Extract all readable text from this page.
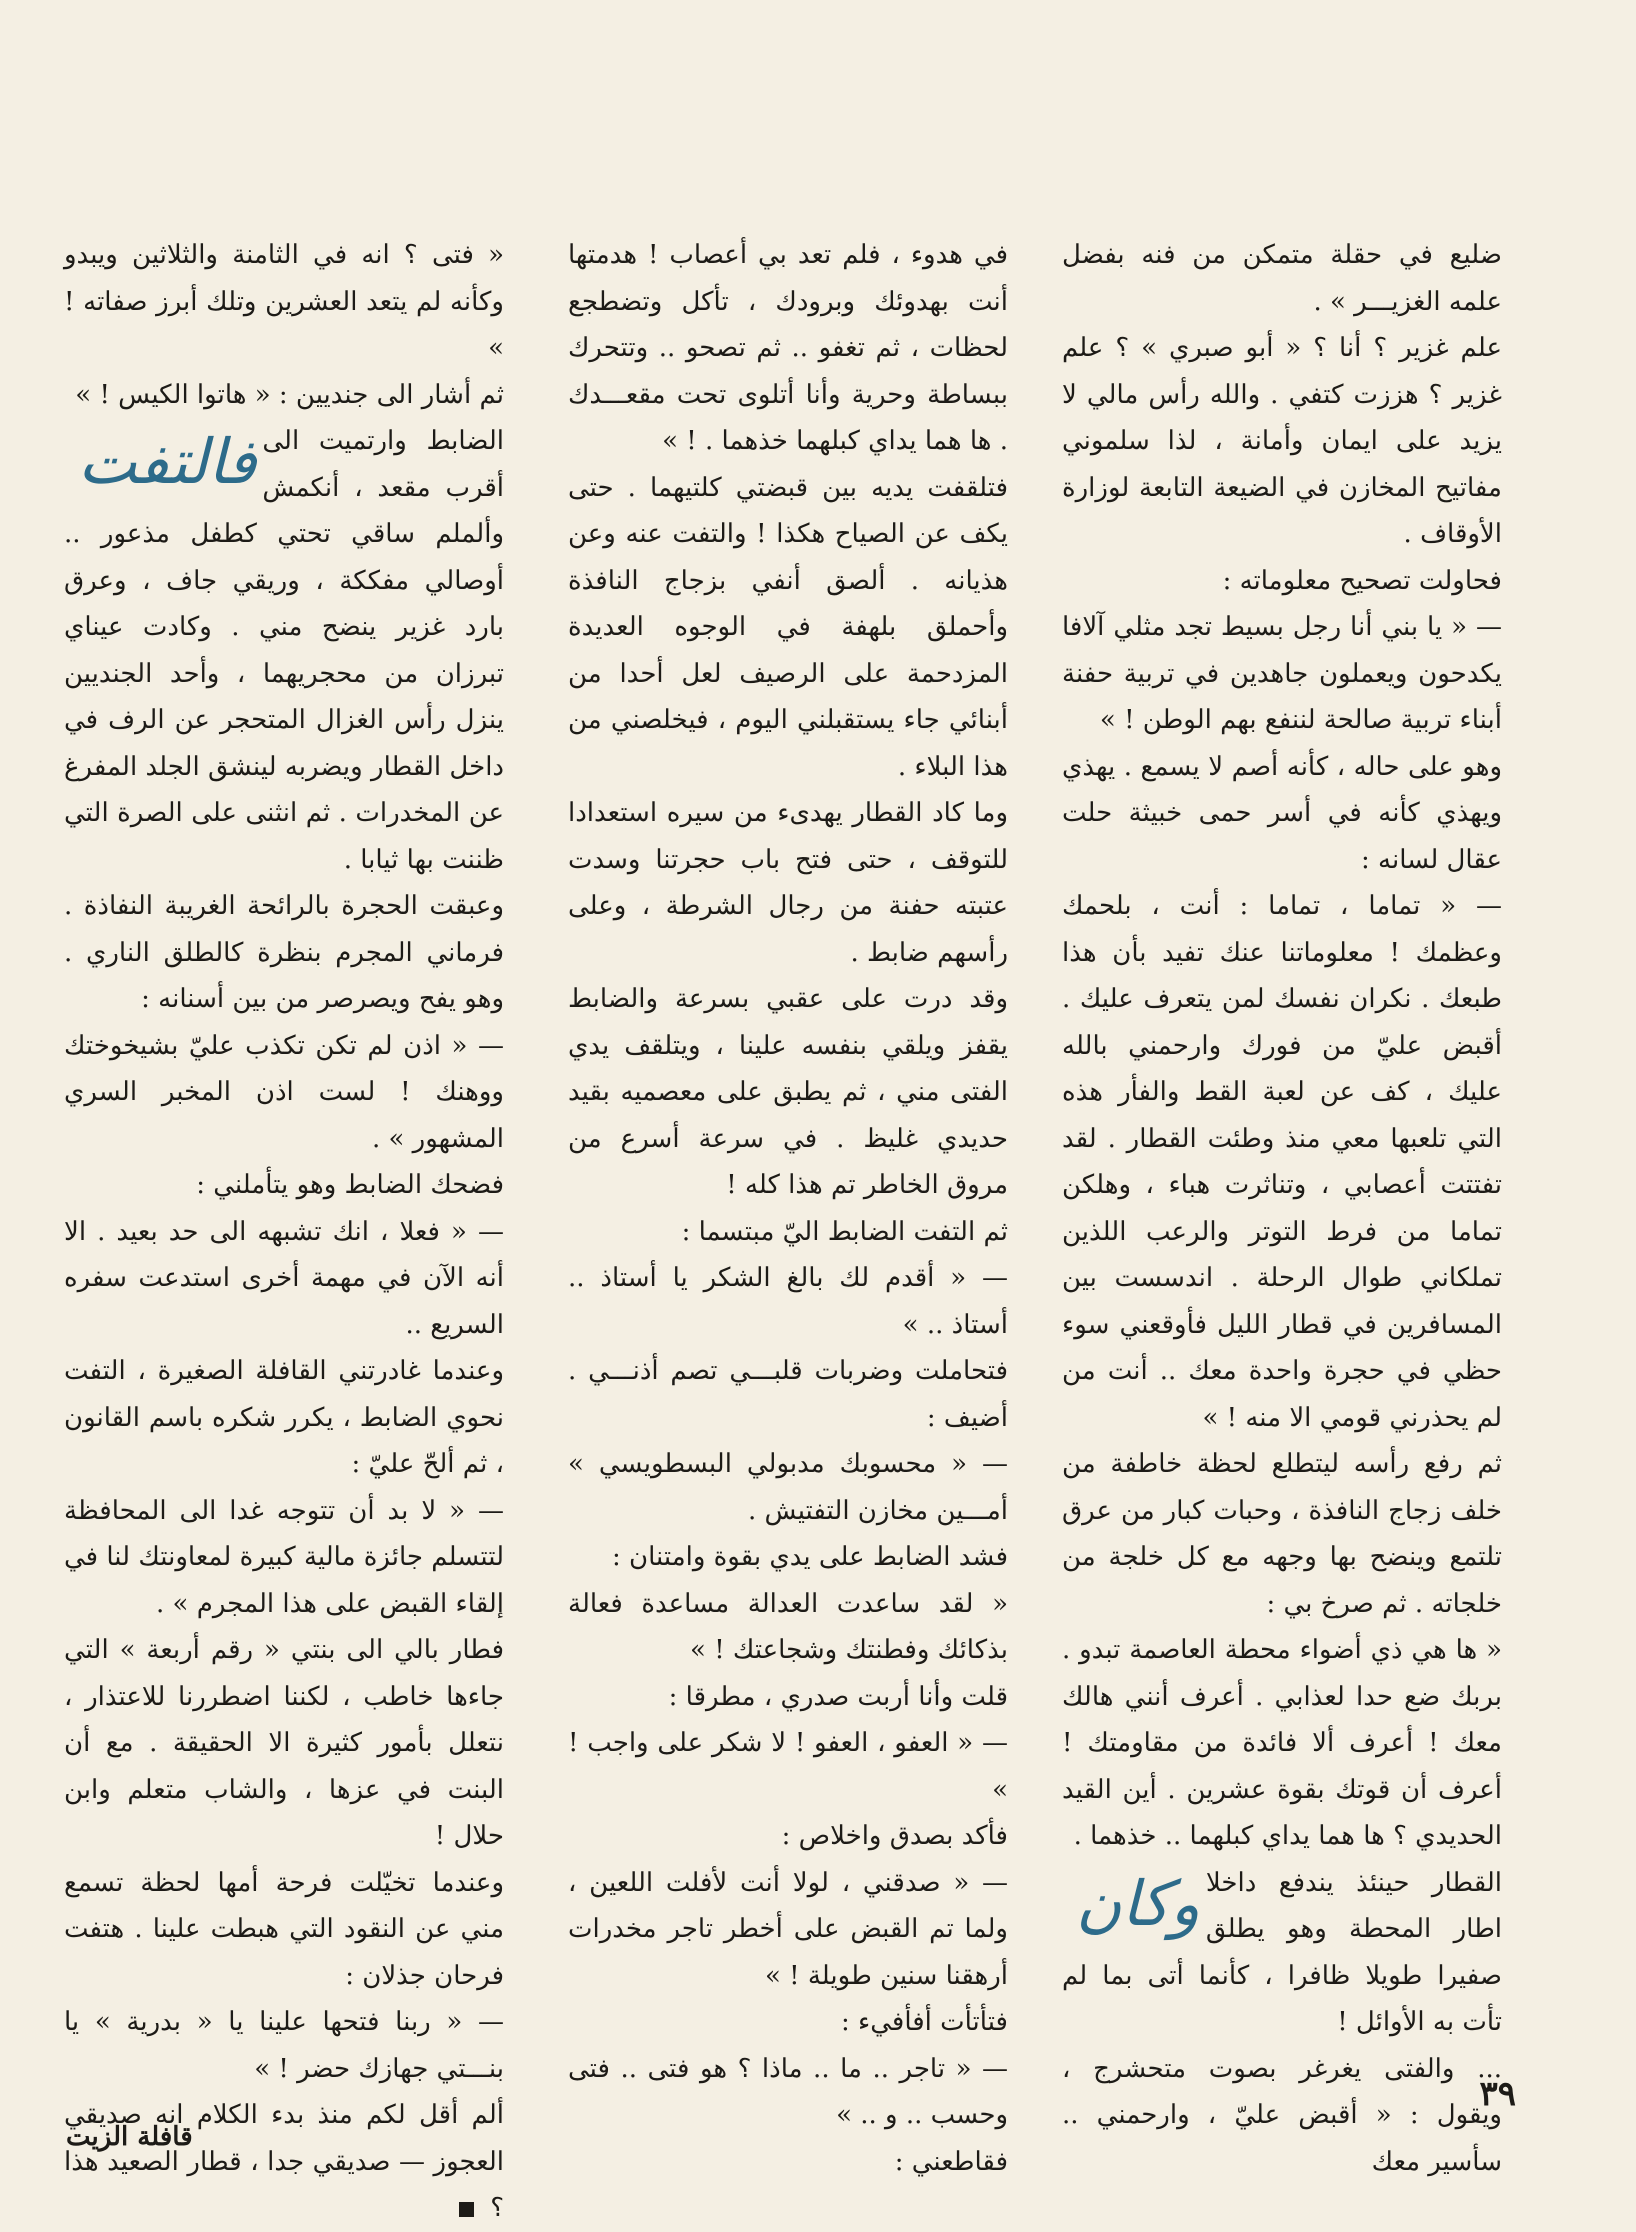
ضليع في حقلة متمكن من فنه بفضل علمه الغزيـــر » .

علم غزير ؟ أنا ؟ « أبو صبري » ؟ علم غزير ؟ هززت كتفي . والله رأس مالي لا يزيد على ايمان وأمانة ، لذا سلموني مفاتيح المخازن في الضيعة التابعة لوزارة الأوقاف .

فحاولت تصحيح معلوماته :

— « يا بني أنا رجل بسيط تجد مثلي آلافا يكدحون ويعملون جاهدين في تربية حفنة أبناء تربية صالحة لننفع بهم الوطن ! »

وهو على حاله ، كأنه أصم لا يسمع . يهذي ويهذي كأنه في أسر حمى خبيثة حلت عقال لسانه :

— « تماما ، تماما : أنت ، بلحمك وعظمك ! معلوماتنا عنك تفيد بأن هذا طبعك . نكران نفسك لمن يتعرف عليك . أقبض عليّ من فورك وارحمني بالله عليك ، كف عن لعبة القط والفأر هذه التي تلعبها معي منذ وطئت القطار . لقد تفتتت أعصابي ، وتناثرت هباء ، وهلكن تماما من فرط التوتر والرعب اللذين تملكاني طوال الرحلة . اندسست بين المسافرين في قطار الليل فأوقعني سوء حظي في حجرة واحدة معك .. أنت من لم يحذرني قومي الا منه ! »

ثم رفع رأسه ليتطلع لحظة خاطفة من خلف زجاج النافذة ، وحبات كبار من عرق تلتمع وينضح بها وجهه مع كل خلجة من خلجاته . ثم صرخ بي :

« ها هي ذي أضواء محطة العاصمة تبدو . بربك ضع حدا لعذابي . أعرف أنني هالك معك ! أعرف ألا فائدة من مقاومتك ! أعرف أن قوتك بقوة عشرين . أين القيد الحديدي ؟ ها هما يداي كبلهما .. خذهما .

وكان القطار حينئذ يندفع داخلا اطار المحطة وهو يطلق صفيرا طويلا ظافرا ، كأنما أتى بما لم تأت به الأوائل !

... والفتى يغرغر بصوت متحشرج ، ويقول : « أقبض عليّ ، وارحمني .. سأسير معك

في هدوء ، فلم تعد بي أعصاب ! هدمتها أنت بهدوئك وبرودك ، تأكل وتضطجع لحظات ، ثم تغفو .. ثم تصحو .. وتتحرك ببساطة وحرية وأنا أتلوى تحت مقعـــدك . ها هما يداي كبلهما خذهما . ! »

فتلقفت يديه بين قبضتي كلتيهما . حتى يكف عن الصياح هكذا ! والتفت عنه وعن هذيانه . ألصق أنفي بزجاج النافذة وأحملق بلهفة في الوجوه العديدة المزدحمة على الرصيف لعل أحدا من أبنائي جاء يستقبلني اليوم ، فيخلصني من هذا البلاء .

وما كاد القطار يهدىء من سيره استعدادا للتوقف ، حتى فتح باب حجرتنا وسدت عتبته حفنة من رجال الشرطة ، وعلى رأسهم ضابط .

وقد درت على عقبي بسرعة والضابط يقفز ويلقي بنفسه علينا ، ويتلقف يدي الفتى مني ، ثم يطبق على معصميه بقيد حديدي غليظ . في سرعة أسرع من مروق الخاطر تم هذا كله !

ثم التفت الضابط اليّ مبتسما :

— « أقدم لك بالغ الشكر يا أستاذ .. أستاذ .. »

فتحاملت وضربات قلبـــي تصم أذنـــي . أضيف :

— « محسوبك مدبولي البسطويسي » أمـــين مخازن التفتيش .

فشد الضابط على يدي بقوة وامتنان :

« لقد ساعدت العدالة مساعدة فعالة بذكائك وفطنتك وشجاعتك ! »

قلت وأنا أربت صدري ، مطرقا :

— « العفو ، العفو ! لا شكر على واجب ! »

فأكد بصدق واخلاص :

— « صدقني ، لولا أنت لأفلت اللعين ، ولما تم القبض على أخطر تاجر مخدرات أرهقنا سنين طويلة ! »

فتأتأت أفأفيء :

— « تاجر .. ما .. ماذا ؟ هو فتى .. فتى وحسب .. و .. »

فقاطعني :

« فتى ؟ انه في الثامنة والثلاثين ويبدو وكأنه لم يتعد العشرين وتلك أبرز صفاته ! »

ثم أشار الى جنديين : « هاتوا الكيس ! »

فالتفت الضابط وارتميت الى أقرب مقعد ، أنكمش وألملم ساقي تحتي كطفل مذعور .. أوصالي مفككة ، وريقي جاف ، وعرق بارد غزير ينضح مني . وكادت عيناي تبرزان من محجريهما ، وأحد الجنديين ينزل رأس الغزال المتحجر عن الرف في داخل القطار ويضربه لينشق الجلد المفرغ عن المخدرات . ثم انثنى على الصرة التي ظننت بها ثيابا .

وعبقت الحجرة بالرائحة الغريبة النفاذة . فرماني المجرم بنظرة كالطلق الناري . وهو يفح ويصرصر من بين أسنانه :

— « اذن لم تكن تكذب عليّ بشيخوختك ووهنك ! لست اذن المخبر السري المشهور » .

فضحك الضابط وهو يتأملني :

— « فعلا ، انك تشبهه الى حد بعيد . الا أنه الآن في مهمة أخرى استدعت سفره السريع ..

وعندما غادرتني القافلة الصغيرة ، التفت نحوي الضابط ، يكرر شكره باسم القانون ، ثم ألحّ عليّ :

— « لا بد أن تتوجه غدا الى المحافظة لتتسلم جائزة مالية كبيرة لمعاونتك لنا في إلقاء القبض على هذا المجرم » .

فطار بالي الى بنتي « رقم أربعة » التي جاءها خاطب ، لكننا اضطررنا للاعتذار ، نتعلل بأمور كثيرة الا الحقيقة . مع أن البنت في عزها ، والشاب متعلم وابن حلال !

وعندما تخيّلت فرحة أمها لحظة تسمع مني عن النقود التي هبطت علينا . هتفت فرحان جذلان :

— « ربنا فتحها علينا يا « بدرية » يا بنـــتي جهازك حضر ! »

ألم أقل لكم منذ بدء الكلام انه صديقي العجوز — صديقي جدا ، قطار الصعيد هذا ؟

٣٩
قافلة الزيت
